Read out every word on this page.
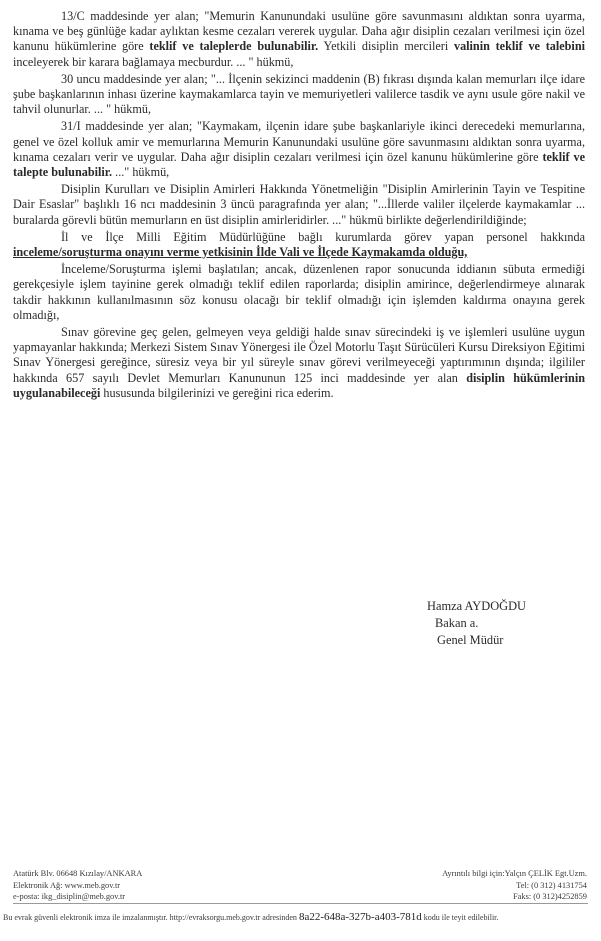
13/C maddesinde yer alan; "Memurin Kanunundaki usulüne göre savunmasını aldıktan sonra uyarma, kınama ve beş günlüğe kadar aylıktan kesme cezaları vererek uygular. Daha ağır disiplin cezaları verilmesi için özel kanunu hükümlerine göre teklif ve taleplerde bulunabilir. Yetkili disiplin mercileri valinin teklif ve talebini inceleyerek bir karara bağlamaya mecburdur. ... " hükmü,

30 uncu maddesinde yer alan; "... İlçenin sekizinci maddenin (B) fıkrası dışında kalan memurları ilçe idare şube başkanlarının inhası üzerine kaymakamlarca tayin ve memuriyetleri valilerce tasdik ve aynı usule göre nakil ve tahvil olunurlar. ... " hükmü,

31/I maddesinde yer alan; "Kaymakam, ilçenin idare şube başkanlariyle ikinci derecedeki memurlarına, genel ve özel kolluk amir ve memurlarına Memurin Kanunundaki usulüne göre savunmasını aldıktan sonra uyarma, kınama cezaları verir ve uygular. Daha ağır disiplin cezaları verilmesi için özel kanunu hükümlerine göre teklif ve talepte bulunabilir. ..." hükmü,

Disiplin Kurulları ve Disiplin Amirleri Hakkında Yönetmeliğin "Disiplin Amirlerinin Tayin ve Tespitine Dair Esaslar" başlıklı 16 ncı maddesinin 3 üncü paragrafında yer alan; "...İllerde valiler ilçelerde kaymakamlar ... buralarda görevli bütün memurların en üst disiplin amirleridirler. ..." hükmü birlikte değerlendirildiğinde;

İl ve İlçe Milli Eğitim Müdürlüğüne bağlı kurumlarda görev yapan personel hakkında inceleme/soruşturma onayını verme yetkisinin İlde Vali ve İlçede Kaymakamda olduğu,

İnceleme/Soruşturma işlemi başlatılan; ancak, düzenlenen rapor sonucunda iddianın sübuta ermediği gerekçesiyle işlem tayinine gerek olmadığı teklif edilen raporlarda; disiplin amirince, değerlendirmeye alınarak takdir hakkının kullanılmasının söz konusu olacağı bir teklif olmadığı için işlemden kaldırma onayına gerek olmadığı,

Sınav görevine geç gelen, gelmeyen veya geldiği halde sınav sürecindeki iş ve işlemleri usulüne uygun yapmayanlar hakkında; Merkezi Sistem Sınav Yönergesi ile Özel Motorlu Taşıt Sürücüleri Kursu Direksiyon Eğitimi Sınav Yönergesi gereğince, süresiz veya bir yıl süreyle sınav görevi verilmeyeceği yaptırımının dışında; ilgililer hakkında 657 sayılı Devlet Memurları Kanununun 125 inci maddesinde yer alan disiplin hükümlerinin uygulanabileceği hususunda bilgilerinizi ve gereğini rica ederim.

Hamza AYDOĞDU
Bakan a.
Genel Müdür
Atatürk Blv. 06648 Kızılay/ANKARA
Elektronik Ağ: www.meb.gov.tr
e-posta: ikg_disiplin@meb.gov.tr
Ayrıntılı bilgi için:Yalçın ÇELİK Egt.Uzm.
Tel: (0 312) 4131754
Faks: (0 312)4252859
Bu evrak güvenli elektronik imza ile imzalanmıştır. http://evraksorgu.meb.gov.tr adresinden 8a22-648a-327b-a403-781d kodu ile teyit edilebilir.
